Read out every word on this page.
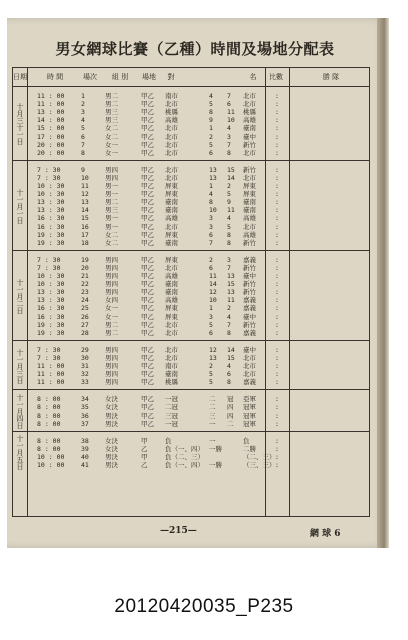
男女網球比賽（乙種）時間及場地分配表
日期	時 間	場次	組 別	場地	對	名	比數	勝 隊
十月三十一日
11 : 00	1	男二	甲乙 南市	4 7 北市	:
11 : 00	2	男二	甲乙 北市	5 6 北市	:
13 : 00	3	男三	甲乙 桃縣	8 11 桃縣	:
14 : 00	4	男三	甲乙 高雄	9 10 高雄	:
15 : 00	5	女二	甲乙 北市	1 4 臺南	:
17 : 00	6	女二	甲乙 北市	2 3 臺中	:
20 : 00	7	女一	甲乙 北市	5 7 新竹	:
20 : 00	8	女一	甲乙 北市	6 8 北市	:
十一月一日
7 : 30	9	男四	甲乙 北市	13 15 新竹	:
7 : 30	10 男四	甲乙 北市	13 14 北市	:
10 : 30	11 男一	甲乙 屏東	1 2 屏東	:
10 : 30	12 男一	甲乙 屏東	4 5 屏東	:
13 : 30	13 男二	甲乙 臺南	8 9 臺南	:
13 : 30	14 男三	甲乙 臺南	10 11 臺南	:
16 : 30	15 男一	甲乙 高雄	3 4 高雄	:
16 : 30	16 男一	甲乙 北市	3 5 北市	:
19 : 30	17 女二	甲乙 屏東	6 8 高雄	:
19 : 30	18 女二	甲乙 臺南	7 8 新竹	:
十一月二日
7 : 30	19 男四	甲乙 屏東	2 3 嘉義	:
7 : 30	20 男四	甲乙 北市	6 7 新竹	:
10 : 30	21 男四	甲乙 高雄	11 13 臺中	:
10 : 30	22 男四	甲乙 臺南	14 15 新竹	:
13 : 30	23 男四	甲乙 臺南	12 13 新竹	:
13 : 30	24 女四	甲乙 高雄	10 11 嘉義	:
16 : 30	25 女一	甲乙 屏東	1 2 嘉義	:
16 : 30	26 女一	甲乙 屏東	3 4 臺中	:
19 : 30	27 男二	甲乙 北市	5 7 新竹	:
19 : 30	28 男二	甲乙 北市	6 8 嘉義	:
十一月三日	7 : 30	29 男四	甲乙 北市	12 14 臺中	:
7 : 30	30 男四	甲乙 北市	13 15 北市	:
11 : 00	31 男四	甲乙 南市	2 4 北市	:
11 : 00	32 男四	甲乙 臺南	5 6 北市	:
11 : 00	33 男四	甲乙 桃縣	5 8 嘉義	:
十一月四日	8 : 00	34 女決	甲乙 一冠	二 冠 亞軍	:
8 : 00	35 女決	甲乙 二冠	二 四 冠軍	:
8 : 00	36 男決	甲乙 三冠	三 四 冠軍	:
8 : 00	37 男決	甲乙 一冠	一 二 冠軍	:
十一月五日	8 : 00	38 女決	甲	負	一	負	:
8 : 00	39 女決	乙	負（一、四） 一勝	二勝	:
10 : 00	40 男決	甲	負（二、三）	（二、三） :
10 : 00	41 男決	乙	負（一、四） 一勝	（三、三） :
—215—	網 球 6
20120420035_P235
